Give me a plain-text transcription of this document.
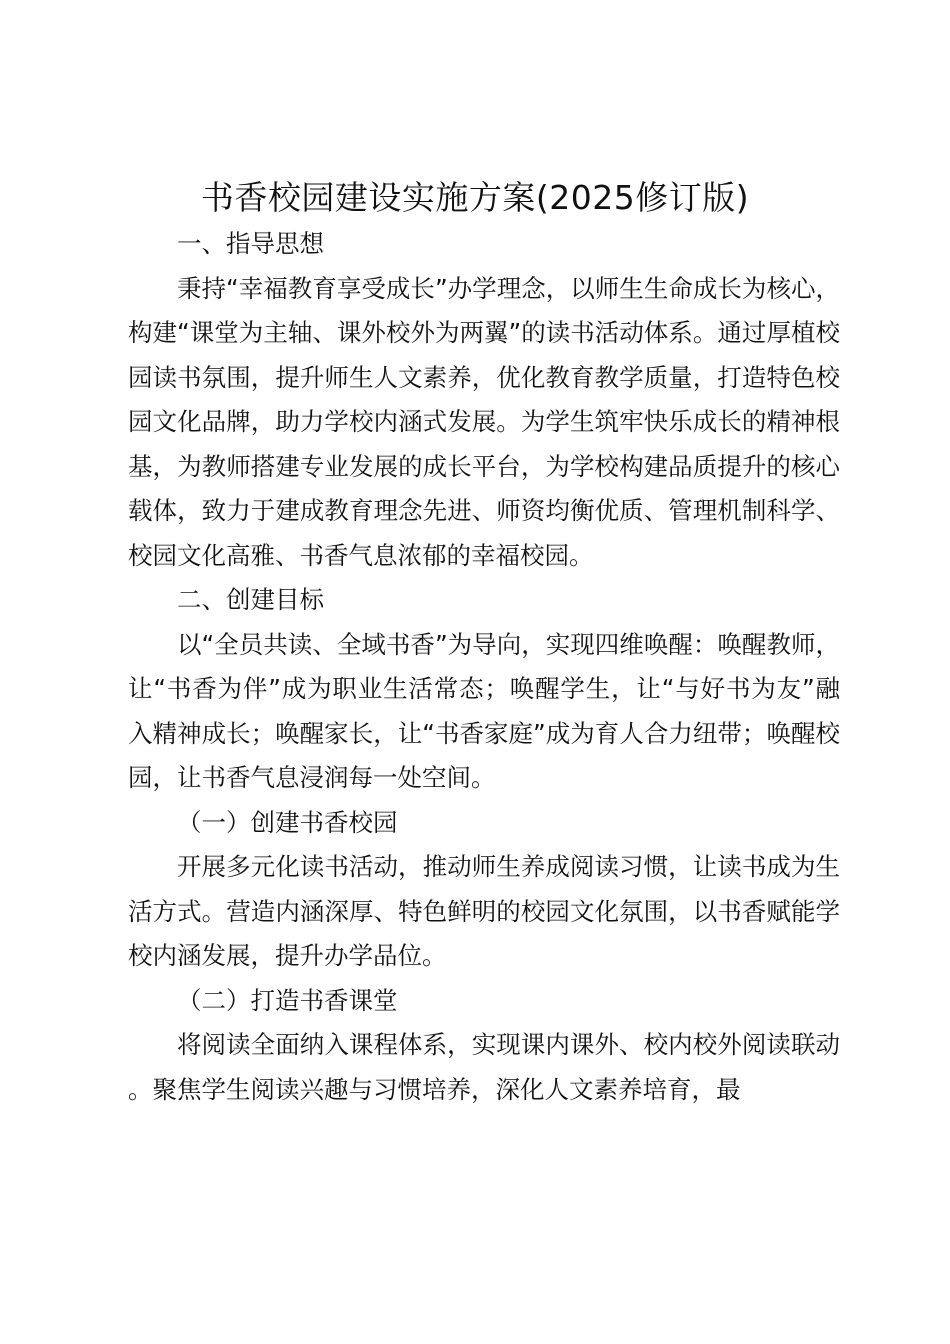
书香校园建设实施方案(2025修订版)

一、指导思想

秉持“幸福教育享受成长”办学理念，以师生生命成长为核心，构建“课堂为主轴、课外校外为两翼”的读书活动体系。通过厚植校园读书氛围，提升师生人文素养，优化教育教学质量，打造特色校园文化品牌，助力学校内涵式发展。为学生筑牢快乐成长的精神根基，为教师搭建专业发展的成长平台，为学校构建品质提升的核心载体，致力于建成教育理念先进、师资均衡优质、管理机制科学、校园文化高雅、书香气息浓郁的幸福校园。

二、创建目标

以“全员共读、全域书香”为导向，实现四维唤醒：唤醒教师，让“书香为伴”成为职业生活常态；唤醒学生，让“与好书为友”融入精神成长；唤醒家长，让“书香家庭”成为育人合力纽带；唤醒校园，让书香气息浸润每一处空间。

（一）创建书香校园

开展多元化读书活动，推动师生养成阅读习惯，让读书成为生活方式。营造内涵深厚、特色鲜明的校园文化氛围，以书香赋能学校内涵发展，提升办学品位。

（二）打造书香课堂

将阅读全面纳入课程体系，实现课内课外、校内校外阅读联动。聚焦学生阅读兴趣与习惯培养，深化人文素养培育，最
